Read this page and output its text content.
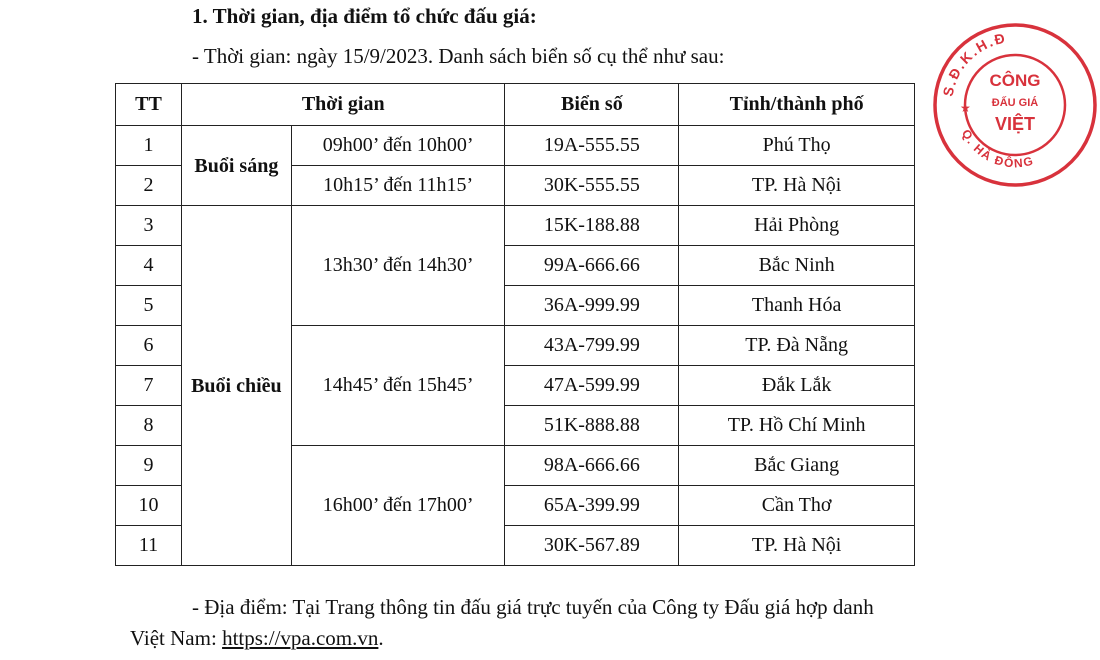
1. Thời gian, địa điểm tổ chức đấu giá:
- Thời gian: ngày 15/9/2023. Danh sách biển số cụ thể như sau:
TT	Thời gian		Biển số	Tỉnh/thành phố
1	Buổi sáng	09h00’ đến 10h00’	19A-555.55	Phú Thọ
2		10h15’ đến 11h15’	30K-555.55	TP. Hà Nội
3	Buổi chiều	13h30’ đến 14h30’	15K-188.88	Hải Phòng
4			99A-666.66	Bắc Ninh
5			36A-999.99	Thanh Hóa
6		14h45’ đến 15h45’	43A-799.99	TP. Đà Nẵng
7			47A-599.99	Đắk Lắk
8			51K-888.88	TP. Hồ Chí Minh
9		16h00’ đến 17h00’	98A-666.66	Bắc Giang
10			65A-399.99	Cần Thơ
11			30K-567.89	TP. Hà Nội
- Địa điểm: Tại Trang thông tin đấu giá trực tuyến của Công ty Đấu giá hợp danh Việt Nam: https://vpa.com.vn.
S.Đ.K.H.Đ
CÔNG
ĐẤU GIÁ
VIỆT
Q. HÀ ĐÔNG
★
